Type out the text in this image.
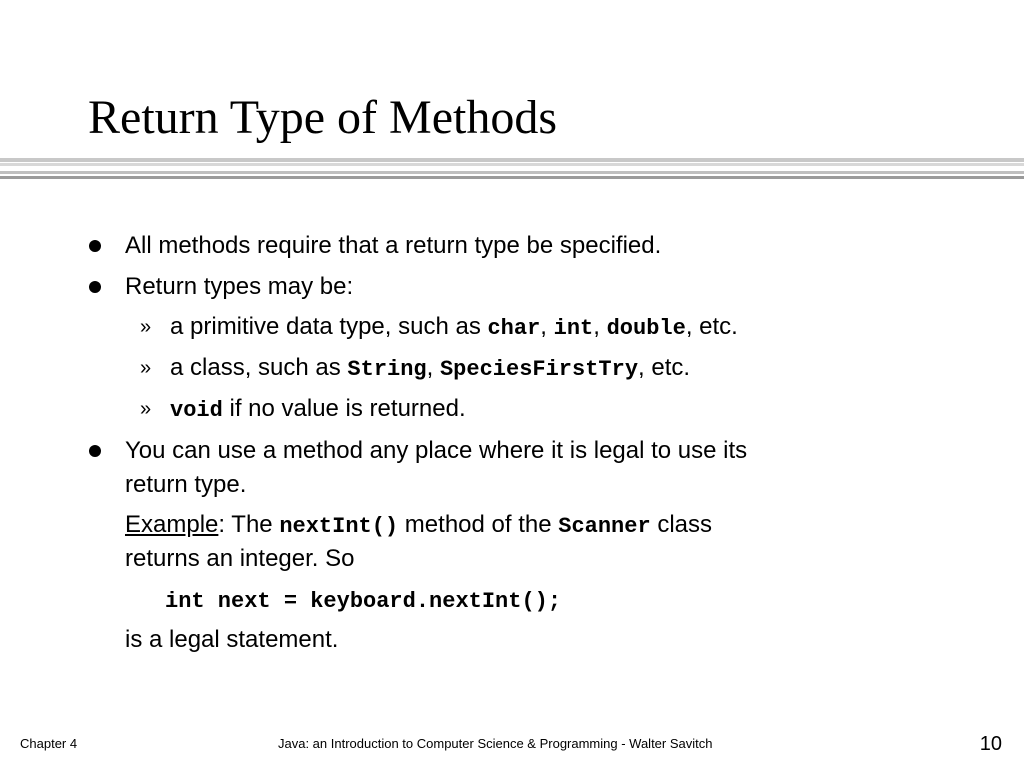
Return Type of Methods
All methods require that a return type be specified.
Return types may be:
» a primitive data type, such as char, int, double, etc.
» a class, such as String, SpeciesFirstTry, etc.
» void if no value is returned.
You can use a method any place where it is legal to use its
return type.
Example: The nextInt() method of the Scanner class
returns an integer. So
int next = keyboard.nextInt();
is a legal statement.
Chapter 4	Java: an Introduction to Computer Science & Programming - Walter Savitch	10
